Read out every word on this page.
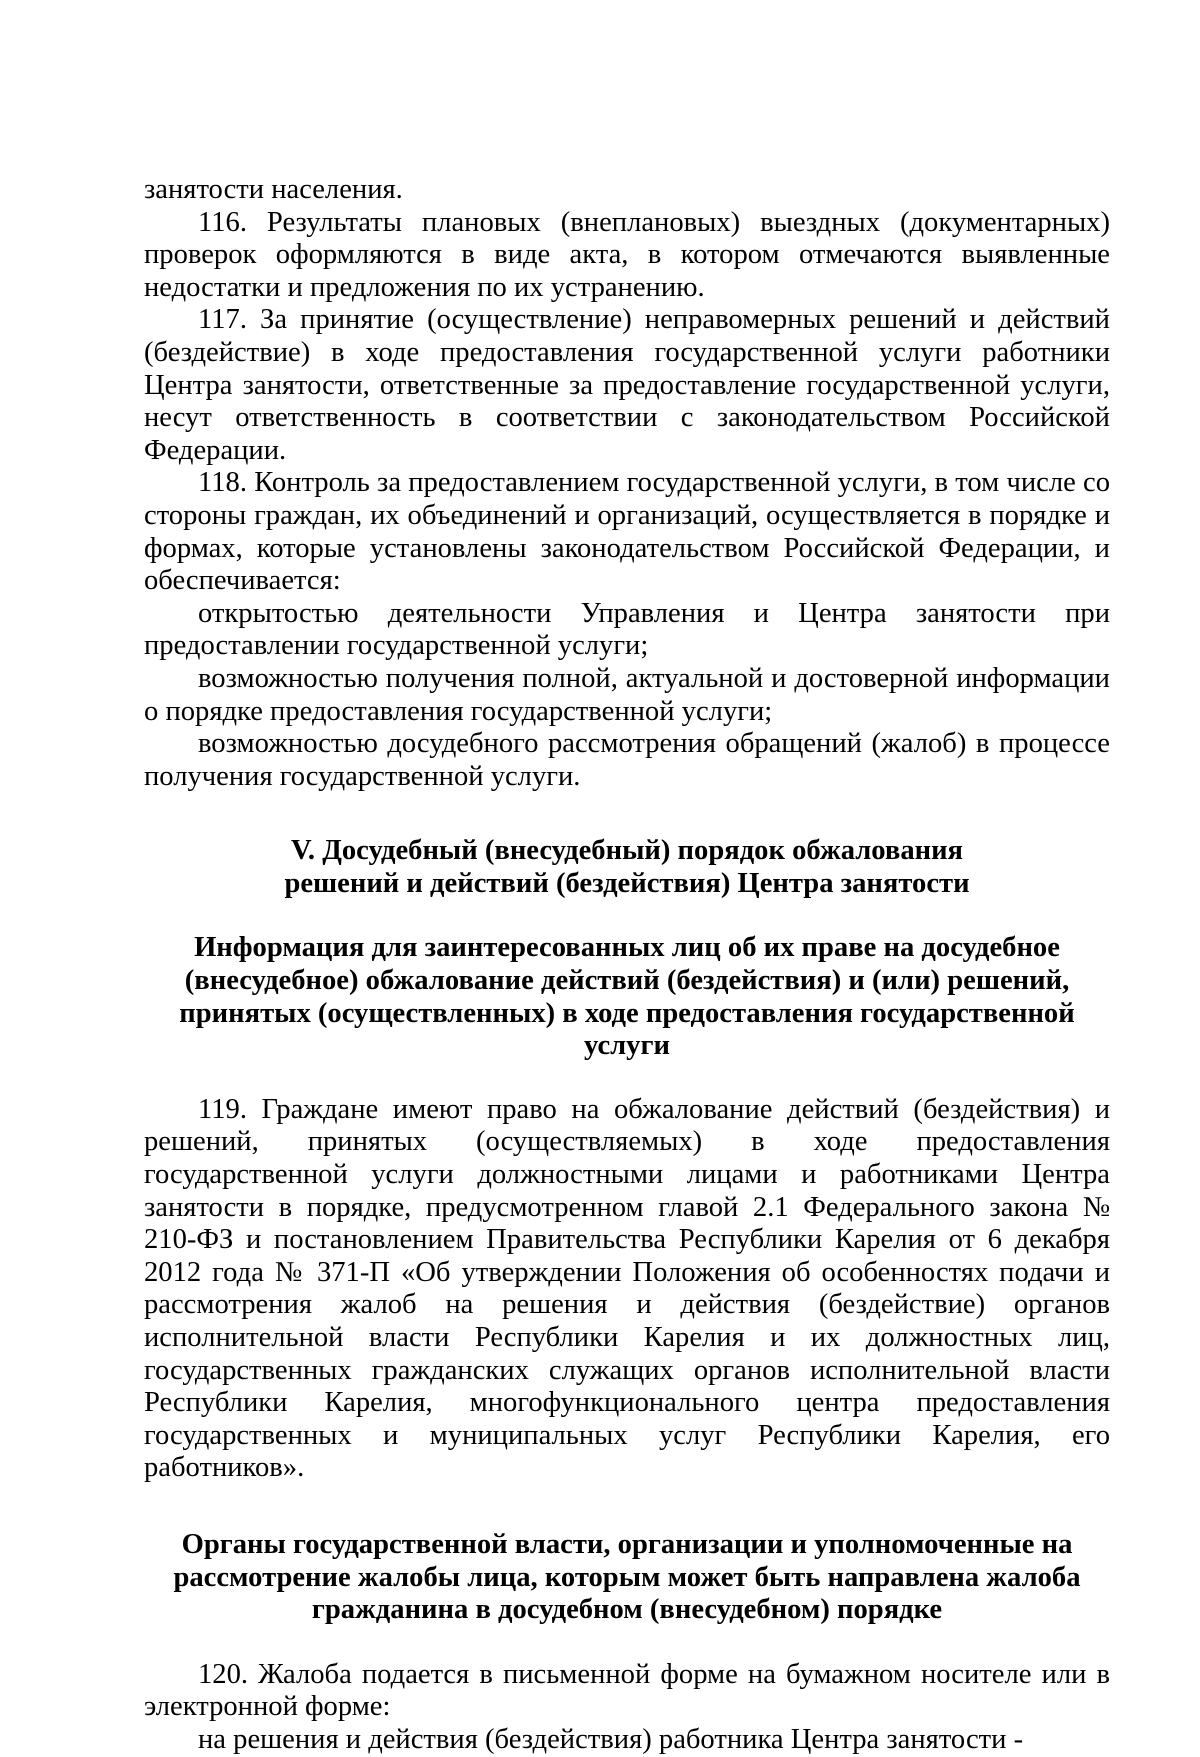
занятости населения.

116. Результаты плановых (внеплановых) выездных (документарных) проверок оформляются в виде акта, в котором отмечаются выявленные недостатки и предложения по их устранению.

117. За принятие (осуществление) неправомерных решений и действий (бездействие) в ходе предоставления государственной услуги работники Центра занятости, ответственные за предоставление государственной услуги, несут ответственность в соответствии с законодательством Российской Федерации.

118. Контроль за предоставлением государственной услуги, в том числе со стороны граждан, их объединений и организаций, осуществляется в порядке и формах, которые установлены законодательством Российской Федерации, и обеспечивается:

открытостью деятельности Управления и Центра занятости при предоставлении государственной услуги;

возможностью получения полной, актуальной и достоверной информации о порядке предоставления государственной услуги;

возможностью досудебного рассмотрения обращений (жалоб) в процессе получения государственной услуги.

V. Досудебный (внесудебный) порядок обжалования
решений и действий (бездействия) Центра занятости
Информация для заинтересованных лиц об их праве на досудебное
(внесудебное) обжалование действий (бездействия) и (или) решений,
принятых (осуществленных) в ходе предоставления государственной
услуги

119. Граждане имеют право на обжалование действий (бездействия) и решений, принятых (осуществляемых) в ходе предоставления государственной услуги должностными лицами и работниками Центра занятости в порядке, предусмотренном главой 2.1 Федерального закона № 210-ФЗ и постановлением Правительства Республики Карелия от 6 декабря 2012 года № 371-П «Об утверждении Положения об особенностях подачи и рассмотрения жалоб на решения и действия (бездействие) органов исполнительной власти Республики Карелия и их должностных лиц, государственных гражданских служащих органов исполнительной власти Республики Карелия, многофункционального центра предоставления государственных и муниципальных услуг Республики Карелия, его работников».

Органы государственной власти, организации и уполномоченные на
рассмотрение жалобы лица, которым может быть направлена жалоба
гражданина в досудебном (внесудебном) порядке

120. Жалоба подается в письменной форме на бумажном носителе или в электронной форме:

на решения и действия (бездействия) работника Центра занятости -
